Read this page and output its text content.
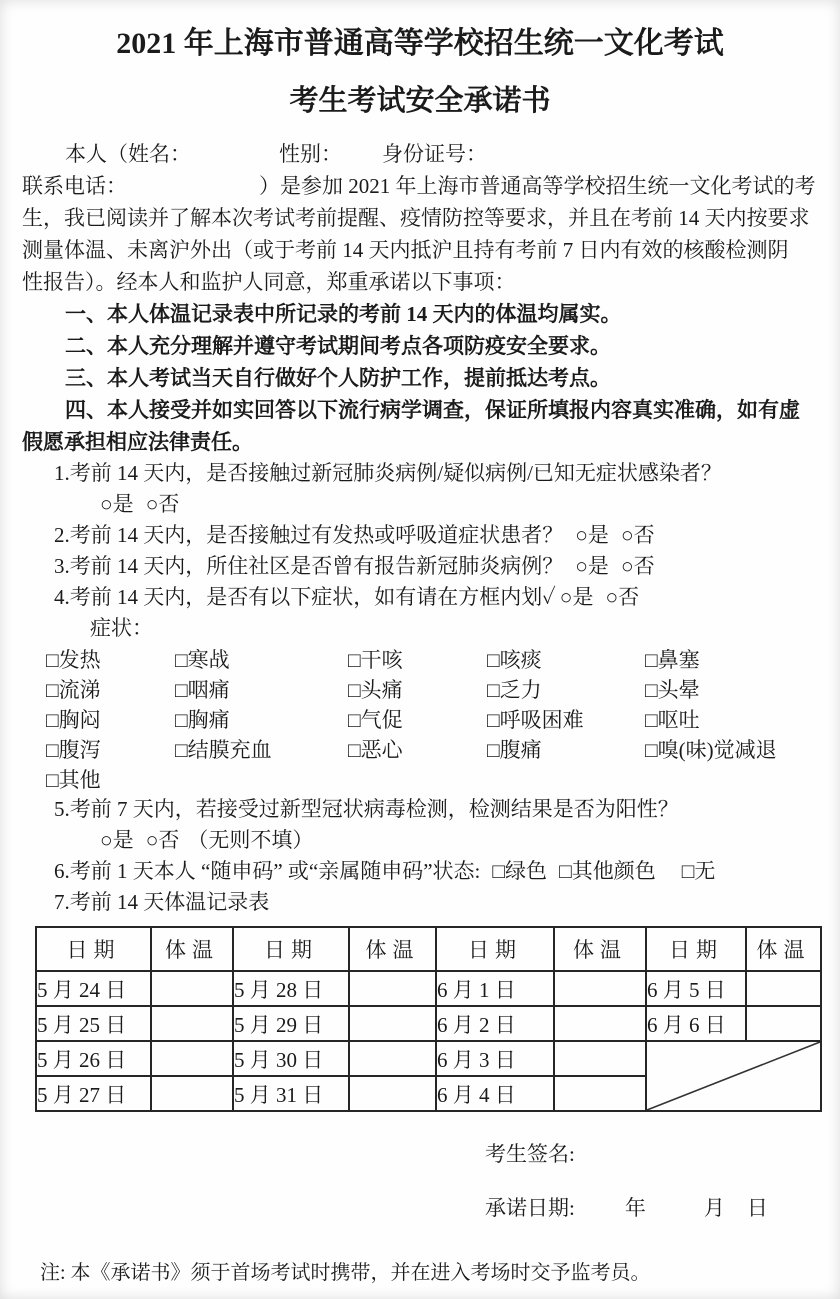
2021 年上海市普通高等学校招生统一文化考试
考生考试安全承诺书
本人（姓名：	性别： 身份证号：
联系电话：	）是参加 2021 年上海市普通高等学校招生统一文化考试的考
生，我已阅读并了解本次考试考前提醒、疫情防控等要求，并且在考前 14 天内按要求
测量体温、未离沪外出（或于考前 14 天内抵沪且持有考前 7 日内有效的核酸检测阴
性报告）。经本人和监护人同意，郑重承诺以下事项：
一、本人体温记录表中所记录的考前 14 天内的体温均属实。
二、本人充分理解并遵守考试期间考点各项防疫安全要求。
三、本人考试当天自行做好个人防护工作，提前抵达考点。
四、本人接受并如实回答以下流行病学调查，保证所填报内容真实准确，如有虚
假愿承担相应法律责任。
1.考前 14 天内，是否接触过新冠肺炎病例/疑似病例/已知无症状感染者？
○是 ○否
2.考前 14 天内，是否接触过有发热或呼吸道症状患者？ ○是 ○否
3.考前 14 天内，所住社区是否曾有报告新冠肺炎病例？ ○是 ○否
4.考前 14 天内，是否有以下症状，如有请在方框内划✓ ○是 ○否
症状：
□发热	□寒战	□干咳	□咳痰	□鼻塞
□流涕	□咽痛	□头痛	□乏力	□头晕
□胸闷	□胸痛	□气促	□呼吸困难	□呕吐
□腹泻	□结膜充血	□恶心	□腹痛	□嗅(味)觉减退
□其他
5.考前 7 天内，若接受过新型冠状病毒检测，检测结果是否为阳性？
○是 ○否 （无则不填）
6.考前 1 天本人 “随申码” 或“亲属随申码”状态: □绿色 □其他颜色 □无
7.考前 14 天体温记录表
日期	体温	日期	体温	日期	体温	日期	体温
5 月 24 日		5 月 28 日		6 月 1 日		6 月 5 日	
5 月 25 日		5 月 29 日		6 月 2 日		6 月 6 日	
5 月 26 日		5 月 30 日		6 月 3 日		

5 月 27 日		5 月 31 日		6 月 4 日			
考生签名:
承诺日期: 年	月 日
注: 本《承诺书》须于首场考试时携带，并在进入考场时交予监考员。
